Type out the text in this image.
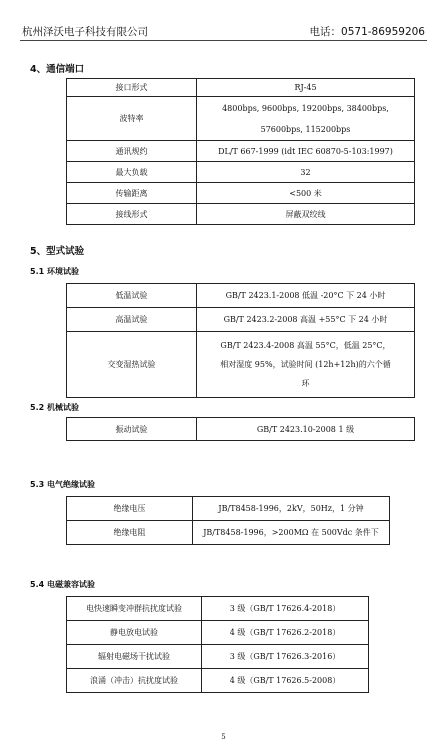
杭州泽沃电子科技有限公司	电话：0571-86959206
4、通信端口
接口形式	RJ-45
波特率	4800bps, 9600bps, 19200bps, 38400bps,
57600bps, 115200bps

通讯规约	DL/T 667-1999 (idt IEC 60870-5-103:1997)
最大负载	32
传输距离	<500 米
接线形式	屏蔽双绞线
5、型式试验
5.1 环境试验
低温试验	GB/T 2423.1-2008 低温 -20°C 下 24 小时
高温试验	GB/T 2423.2-2008 高温 +55°C 下 24 小时
交变湿热试验	GB/T 2423.4-2008 高温 55°C，低温 25°C，
相对湿度 95%，试验时间 (12h+12h)的六个循
环
5.2 机械试验
振动试验	GB/T 2423.10-2008 1 级
5.3 电气绝缘试验
绝缘电压	JB/T8458-1996，2kV，50Hz，1 分钟
绝缘电阻	JB/T8458-1996，>200MΩ 在 500Vdc 条件下
5.4 电磁兼容试验
电快速瞬变冲群抗扰度试验	3 级（GB/T 17626.4-2018）
静电放电试验	4 级（GB/T 17626.2-2018）
辐射电磁场干扰试验	3 级（GB/T 17626.3-2016）
浪涌（冲击）抗扰度试验	4 级（GB/T 17626.5-2008）
5
